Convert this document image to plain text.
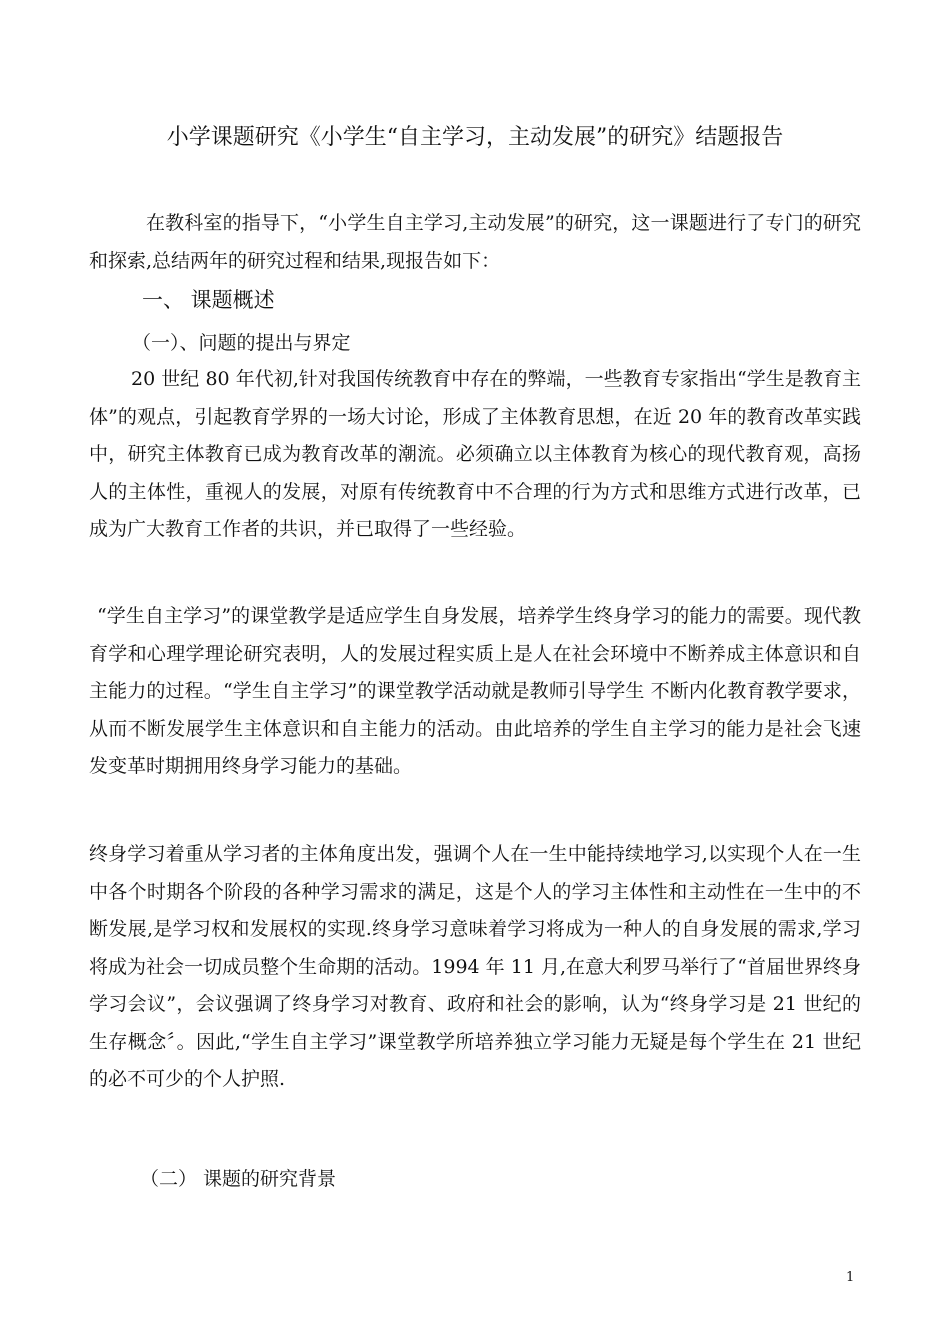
小学课题研究《小学生“自主学习，主动发展”的研究》结题报告
在教科室的指导下，“小学生自主学习,主动发展”的研究，这一课题进行了专门的研究和探索,总结两年的研究过程和结果,现报告如下：
一、 课题概述
（一）、问题的提出与界定
20 世纪 80 年代初,针对我国传统教育中存在的弊端，一些教育专家指出“学生是教育主体”的观点，引起教育学界的一场大讨论，形成了主体教育思想，在近 20 年的教育改革实践中，研究主体教育已成为教育改革的潮流。必须确立以主体教育为核心的现代教育观，高扬人的主体性，重视人的发展，对原有传统教育中不合理的行为方式和思维方式进行改革，已成为广大教育工作者的共识，并已取得了一些经验。
“学生自主学习”的课堂教学是适应学生自身发展，培养学生终身学习的能力的需要。现代教育学和心理学理论研究表明，人的发展过程实质上是人在社会环境中不断养成主体意识和自主能力的过程。“学生自主学习”的课堂教学活动就是教师引导学生 不断内化教育教学要求，从而不断发展学生主体意识和自主能力的活动。由此培养的学生自主学习的能力是社会飞速发变革时期拥用终身学习能力的基础。
终身学习着重从学习者的主体角度出发，强调个人在一生中能持续地学习,以实现个人在一生中各个时期各个阶段的各种学习需求的满足，这是个人的学习主体性和主动性在一生中的不断发展,是学习权和发展权的实现.终身学习意味着学习将成为一种人的自身发展的需求,学习将成为社会一切成员整个生命期的活动。1994 年 11 月,在意大利罗马举行了“首届世界终身学习会议”，会议强调了终身学习对教育、政府和社会的影响，认为“终身学习是 21 世纪的生存概念〞。因此,“学生自主学习”课堂教学所培养独立学习能力无疑是每个学生在 21 世纪的必不可少的个人护照.
（二） 课题的研究背景
1
